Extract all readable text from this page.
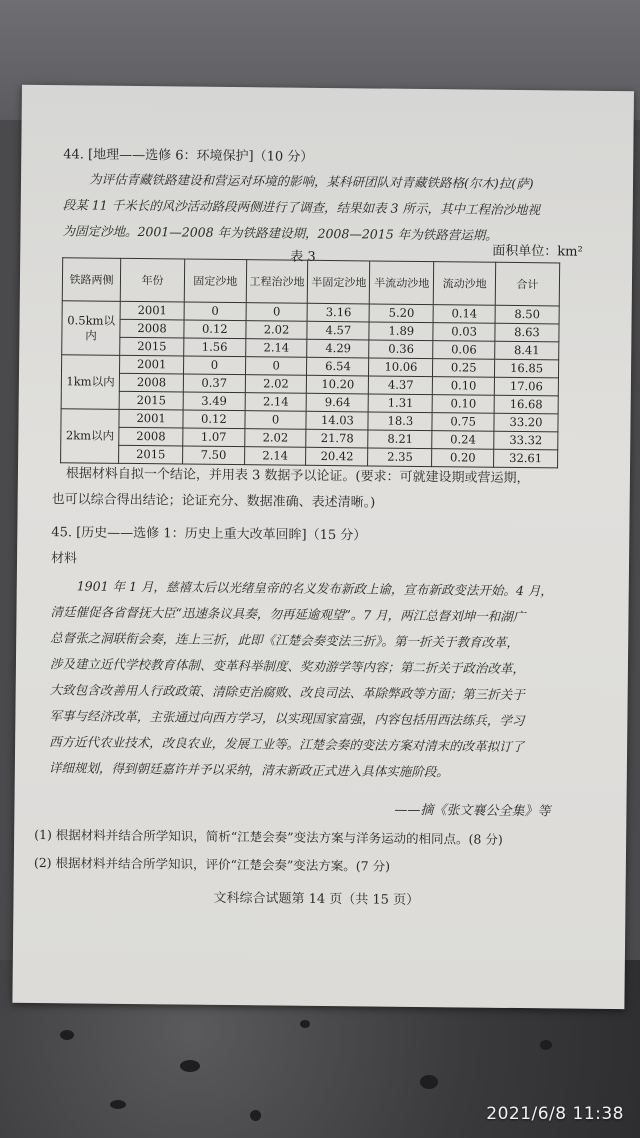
44. [地理——选修 6：环境保护]（10 分）
为评估青藏铁路建设和营运对环境的影响，某科研团队对青藏铁路格(尔木)拉(萨)
段某 11 千米长的风沙活动路段两侧进行了调查，结果如表 3 所示，其中工程治沙地视
为固定沙地。2001—2008 年为铁路建设期，2008—2015 年为铁路营运期。
面积单位：km²
表 3
铁路两侧	年份	固定沙地	工程治沙地	半固定沙地	半流动沙地	流动沙地	合计
0.5km以内	2001	0	0	3.16	5.20	0.14	8.50
	2008	0.12	2.02	4.57	1.89	0.03	8.63
	2015	1.56	2.14	4.29	0.36	0.06	8.41
1km以内	2001	0	0	6.54	10.06	0.25	16.85
	2008	0.37	2.02	10.20	4.37	0.10	17.06
	2015	3.49	2.14	9.64	1.31	0.10	16.68
2km以内	2001	0.12	0	14.03	18.3	0.75	33.20
	2008	1.07	2.02	21.78	8.21	0.24	33.32
	2015	7.50	2.14	20.42	2.35	0.20	32.61
根据材料自拟一个结论，并用表 3 数据予以论证。(要求：可就建设期或营运期，
也可以综合得出结论；论证充分、数据准确、表述清晰。)
45. [历史——选修 1：历史上重大改革回眸]（15 分）
材料
1901 年 1 月，慈禧太后以光绪皇帝的名义发布新政上谕，宣布新政变法开始。4 月，
清廷催促各省督抚大臣“迅速条议具奏，勿再延逾观望”。7 月，两江总督刘坤一和湖广
总督张之洞联衔会奏，连上三折，此即《江楚会奏变法三折》。第一折关于教育改革，
涉及建立近代学校教育体制、变革科举制度、奖劝游学等内容；第二折关于政治改革，
大致包含改善用人行政政策、清除吏治腐败、改良司法、革除弊政等方面；第三折关于
军事与经济改革，主张通过向西方学习，以实现国家富强，内容包括用西法练兵，学习
西方近代农业技术，改良农业，发展工业等。江楚会奏的变法方案对清末的改革拟订了
详细规划，得到朝廷嘉许并予以采纳，清末新政正式进入具体实施阶段。
——摘《张文襄公全集》等
(1) 根据材料并结合所学知识，简析“江楚会奏”变法方案与洋务运动的相同点。(8 分)
(2) 根据材料并结合所学知识，评价“江楚会奏”变法方案。(7 分)
文科综合试题第 14 页（共 15 页）
2021/6/8 11:38
